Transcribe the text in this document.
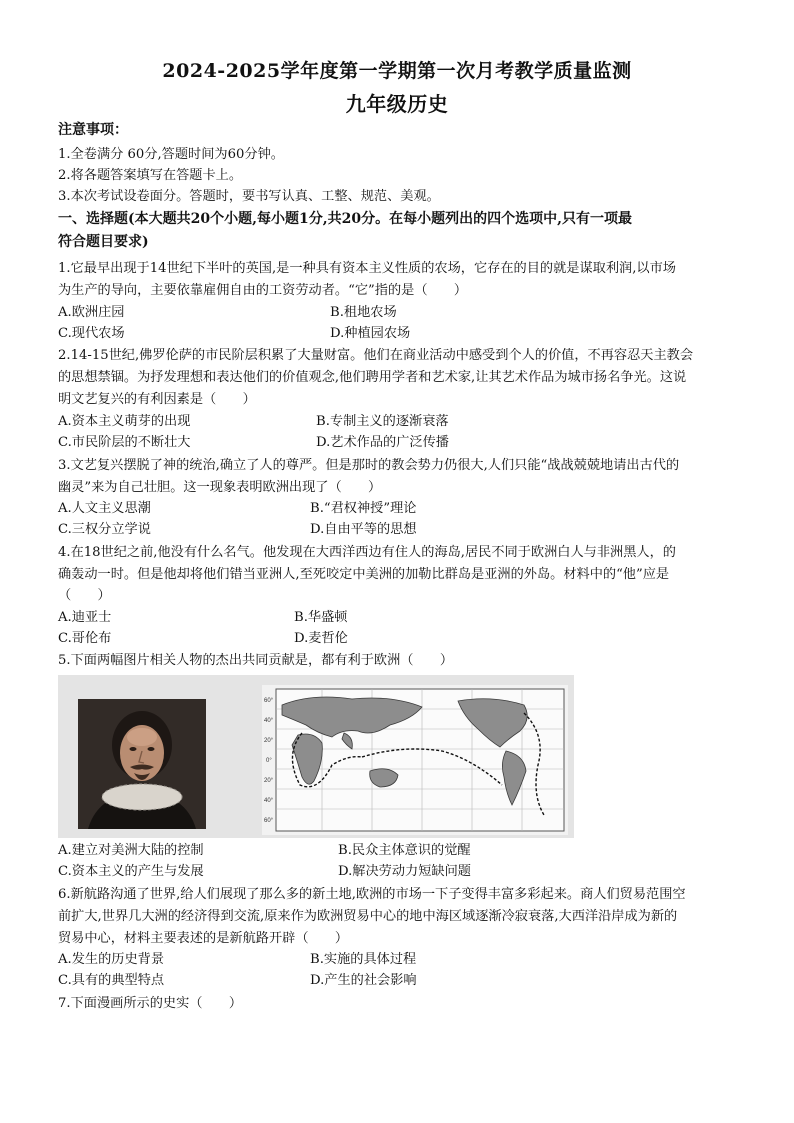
2024-2025学年度第一学期第一次月考教学质量监测
九年级历史
注意事项：
1.全卷满分 60分,答题时间为60分钟。
2.将各题答案填写在答题卡上。
3.本次考试设卷面分。答题时，要书写认真、工整、规范、美观。
一、选择题(本大题共20个小题,每小题1分,共20分。在每小题列出的四个选项中,只有一项最
符合题目要求)
1.它最早出现于14世纪下半叶的英国,是一种具有资本主义性质的农场，它存在的目的就是谋取利润,以市场
为生产的导向，主要依靠雇佣自由的工资劳动者。“它”指的是（　　）
A.欧洲庄园	B.租地农场
C.现代农场	D.种植园农场
2.14-15世纪,佛罗伦萨的市民阶层积累了大量财富。他们在商业活动中感受到个人的价值，不再容忍天主教会
的思想禁锢。为抒发理想和表达他们的价值观念,他们聘用学者和艺术家,让其艺术作品为城市扬名争光。这说
明文艺复兴的有利因素是（　　）
A.资本主义萌芽的出现	B.专制主义的逐渐衰落
C.市民阶层的不断壮大	D.艺术作品的广泛传播
3.文艺复兴摆脱了神的统治,确立了人的尊严。但是那时的教会势力仍很大,人们只能“战战兢兢地请出古代的
幽灵”来为自己壮胆。这一现象表明欧洲出现了（　　）
A.人文主义思潮	B.“君权神授”理论
C.三权分立学说	D.自由平等的思想
4.在18世纪之前,他没有什么名气。他发现在大西洋西边有住人的海岛,居民不同于欧洲白人与非洲黑人，的
确轰动一时。但是他却将他们错当亚洲人,至死咬定中美洲的加勒比群岛是亚洲的外岛。材料中的“他”应是
（　　）
A.迪亚士	B.华盛顿
C.哥伦布	D.麦哲伦
5.下面两幅图片相关人物的杰出共同贡献是，都有利于欧洲（　　）
60°
40°
20°
0°
20°
40°
60°
A.建立对美洲大陆的控制	B.民众主体意识的觉醒
C.资本主义的产生与发展	D.解决劳动力短缺问题
6.新航路沟通了世界,给人们展现了那么多的新土地,欧洲的市场一下子变得丰富多彩起来。商人们贸易范围空
前扩大,世界几大洲的经济得到交流,原来作为欧洲贸易中心的地中海区域逐渐冷寂衰落,大西洋沿岸成为新的
贸易中心，材料主要表述的是新航路开辟（　　）
A.发生的历史背景	B.实施的具体过程
C.具有的典型特点	D.产生的社会影响
7.下面漫画所示的史实（　　）
